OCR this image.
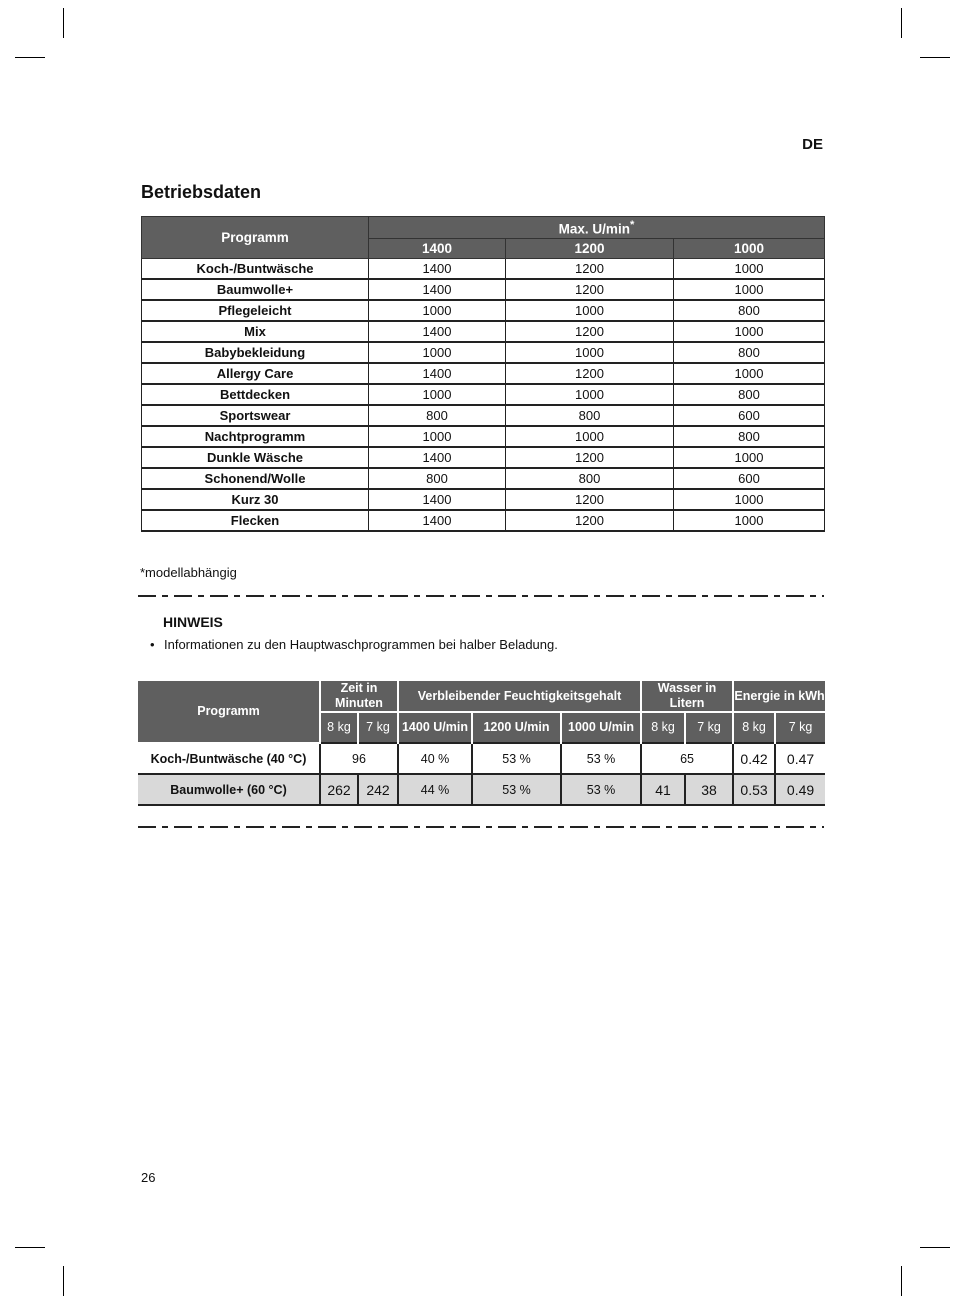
DE
Betriebsdaten
Programm	Max. U/min*
	1400	1200	1000
Koch-/Buntwäsche	1400	1200	1000
Baumwolle+	1400	1200	1000
Pflegeleicht	1000	1000	800
Mix	1400	1200	1000
Babybekleidung	1000	1000	800
Allergy Care	1400	1200	1000
Bettdecken	1000	1000	800
Sportswear	800	800	600
Nachtprogramm	1000	1000	800
Dunkle Wäsche	1400	1200	1000
Schonend/Wolle	800	800	600
Kurz 30	1400	1200	1000
Flecken	1400	1200	1000
*modellabhängig
HINWEIS
• Informationen zu den Hauptwaschprogrammen bei halber Beladung.
Programm	Zeit in Minuten		Verbleibender Feuchtigkeitsgehalt			Wasser in Litern		Energie in kWh	
	8 kg	7 kg	1400 U/min	1200 U/min	1000 U/min	8 kg	7 kg	8 kg	7 kg
Koch-/Buntwäsche (40 °C)	96		40 %	53 %	53 %	65		0.42	0.47
Baumwolle+ (60 °C)	262	242	44 %	53 %	53 %	41	38	0.53	0.49
26
